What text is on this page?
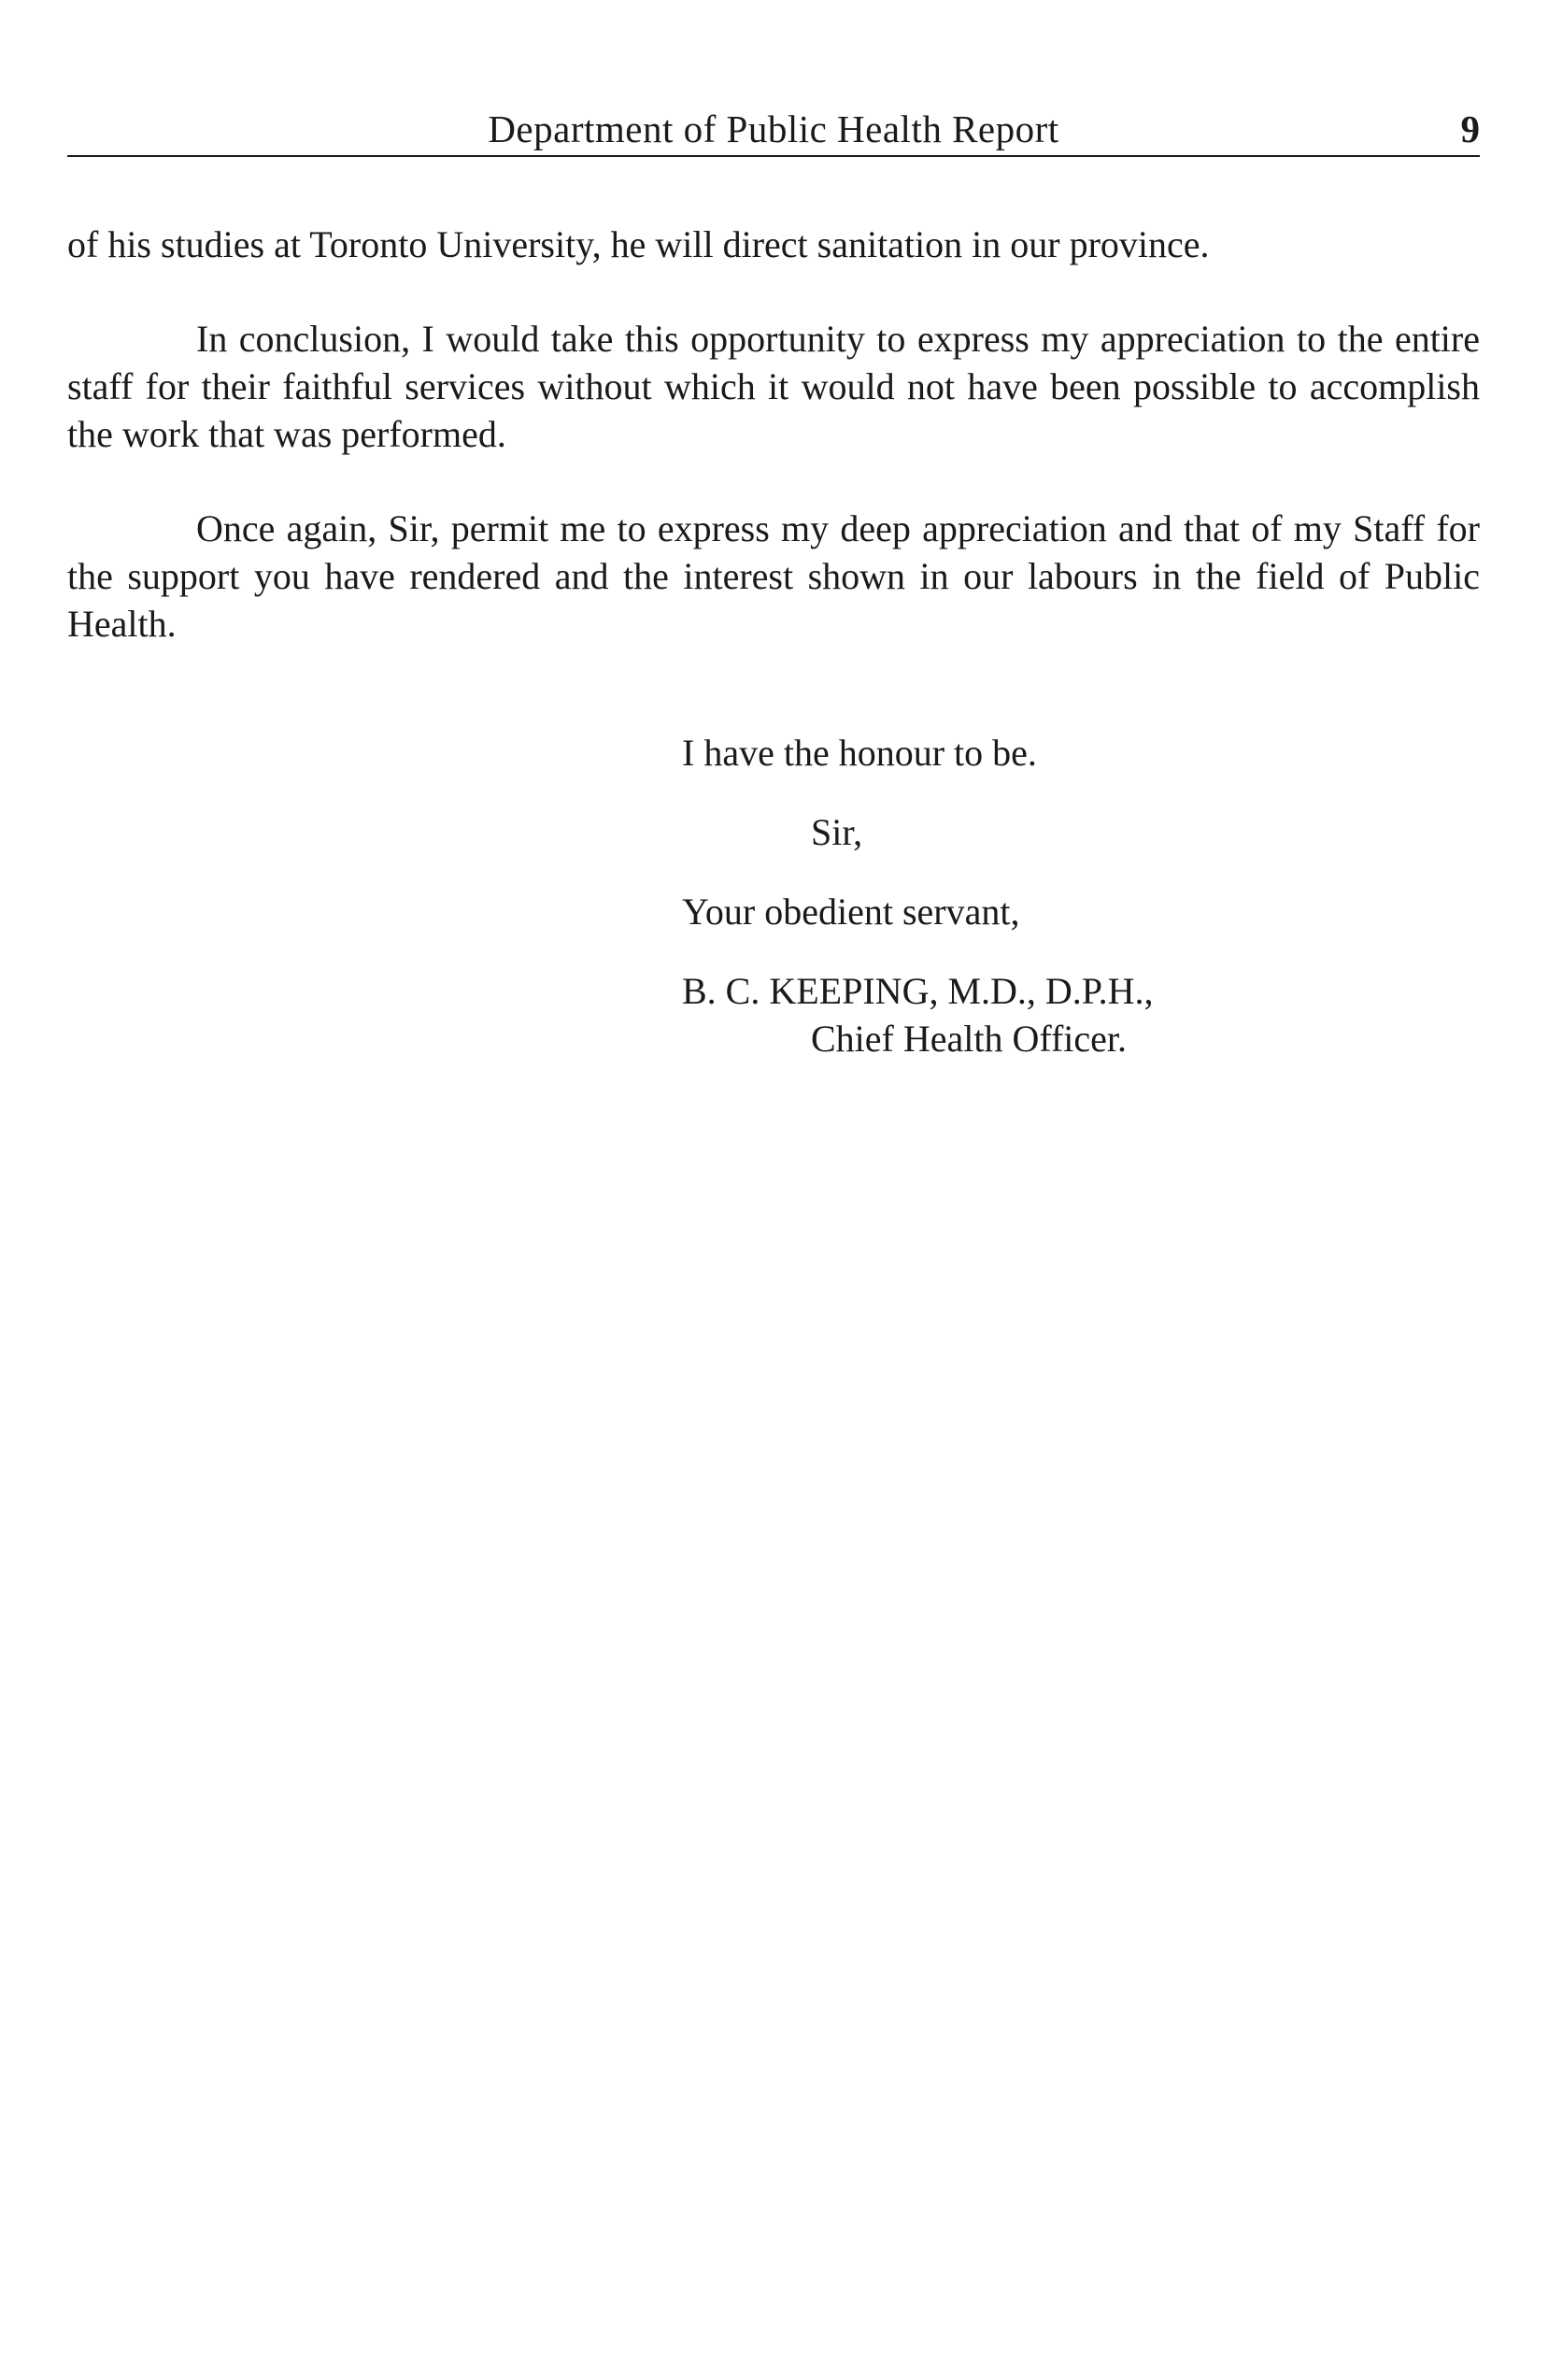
Department of Public Health Report	9

of his studies at Toronto University, he will direct sanitation in our province.

In conclusion, I would take this opportunity to express my appreciation to the entire staff for their faithful services without which it would not have been possible to accomplish the work that was performed.

Once again, Sir, permit me to express my deep appreciation and that of my Staff for the support you have rendered and the interest shown in our labours in the field of Public Health.

I have the honour to be.
Sir,
Your obedient servant,
B. C. KEEPING, M.D., D.P.H.,
Chief Health Officer.
